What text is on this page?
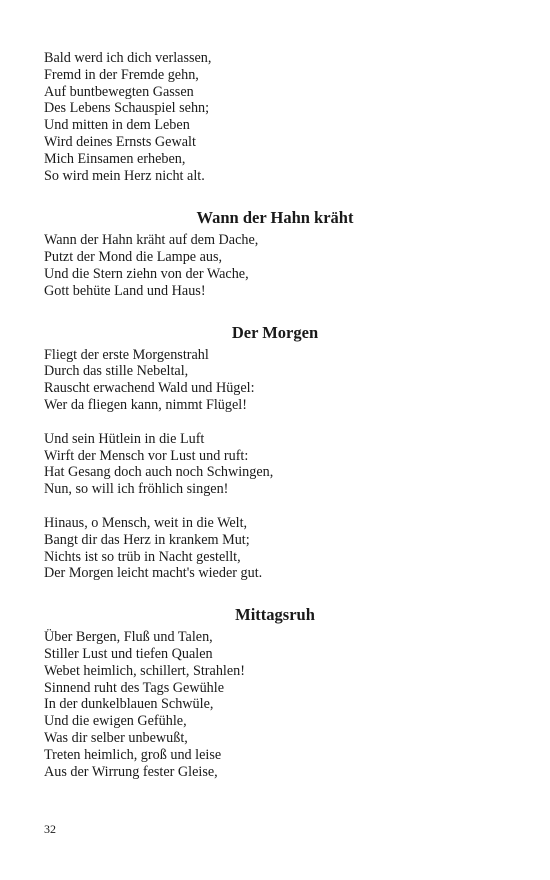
Bald werd ich dich verlassen,
Fremd in der Fremde gehn,
Auf buntbewegten Gassen
Des Lebens Schauspiel sehn;
Und mitten in dem Leben
Wird deines Ernsts Gewalt
Mich Einsamen erheben,
So wird mein Herz nicht alt.
Wann der Hahn kräht
Wann der Hahn kräht auf dem Dache,
Putzt der Mond die Lampe aus,
Und die Stern ziehn von der Wache,
Gott behüte Land und Haus!
Der Morgen
Fliegt der erste Morgenstrahl
Durch das stille Nebeltal,
Rauscht erwachend Wald und Hügel:
Wer da fliegen kann, nimmt Flügel!
Und sein Hütlein in die Luft
Wirft der Mensch vor Lust und ruft:
Hat Gesang doch auch noch Schwingen,
Nun, so will ich fröhlich singen!
Hinaus, o Mensch, weit in die Welt,
Bangt dir das Herz in krankem Mut;
Nichts ist so trüb in Nacht gestellt,
Der Morgen leicht macht's wieder gut.
Mittagsruh
Über Bergen, Fluß und Talen,
Stiller Lust und tiefen Qualen
Webet heimlich, schillert, Strahlen!
Sinnend ruht des Tags Gewühle
In der dunkelblauen Schwüle,
Und die ewigen Gefühle,
Was dir selber unbewußt,
Treten heimlich, groß und leise
Aus der Wirrung fester Gleise,
32
